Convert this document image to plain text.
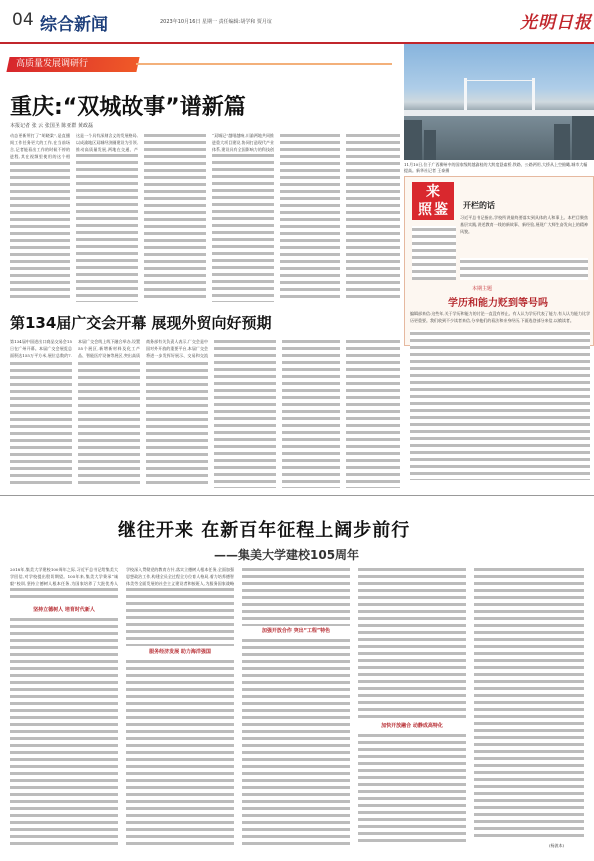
04 综合新闻	2023年10月16日 星期一 责任编辑:胡学和 贾月谊	光明日报
高质量发展调研行
重庆:“双城故事”谱新篇
本报记者 张 云 张国圣 陈亚群 黄政磊
动态更新所打了“胡晓棠”,是直播间工作任务更大的工作,在当前场合,记者能看出工作的时候不停的进程,其在视频里使用的这个相
这是一个具有深刻含义的发展格局,以成渝地区双城经济圈建设为引领,推动高质量发展,两地在交通、产
“双城记”越唱越响,川渝两地共同推进重大项目建设,协同打造现代产业体系,建设具有全国影响力的科技创
11月10日,位于广西柳州中的国家级跨越渝桂的大跨度悬索桥,铁路、公路两用,大桥从上空俯瞰,城市大幅提高。新华社记者 王泰摄
来
照 鉴 开栏的话
习近平总书记指出,学校所讲最终要落实到具体的人和事上。本栏目聚焦基层实践,讲述教育一线的新故事、新经验,展现广大师生奋发向上的精神风貌。
本期主题
学历和能力贬到等号吗
编辑部来信:这些年,关于学历和能力的讨论一直没有停止。有人认为学历代表了能力,有人认为能力比学历更重要。我们收到不少读者来信,分享他们的看法和亲身经历,下面选登部分来信,以飨读者。
第134届广交会开幕 展现外贸向好预期
第134届中国进出口商品交易会15日在广州开幕。本届广交会展览总面积达155万平方米,展位总数约7.
本届广交会线上线下融合举办,设置55个展区,新增新材料及化工产品、智能医疗设备等展区,突出高质
商务部有关负责人表示,广交会是中国对外开放的重要平台,本届广交会将进一步发挥好展示、交易和交流
继往开来 在新百年征程上阔步前行
——集美大学建校105周年
2018年,集美大学建校100周年之际,习近平总书记给集美大学回信,对学校提出殷切期望。105年来,集美大学秉承“诚毅”校训,坚持立德树人根本任务,为国家培养了大批优秀人
坚持立德树人 培育时代新人
学校深入贯彻党的教育方针,落实立德树人根本任务,全面加强思想政治工作,构建全员全过程全方位育人格局,着力培养德智体美劳全面发展的社会主义建设者和接班人,为服务国家战略
服务经济发展 助力海洋强国
加强开放合作 突出“工程”特色
加快开放融合 动静成高特化
(杨波本)
